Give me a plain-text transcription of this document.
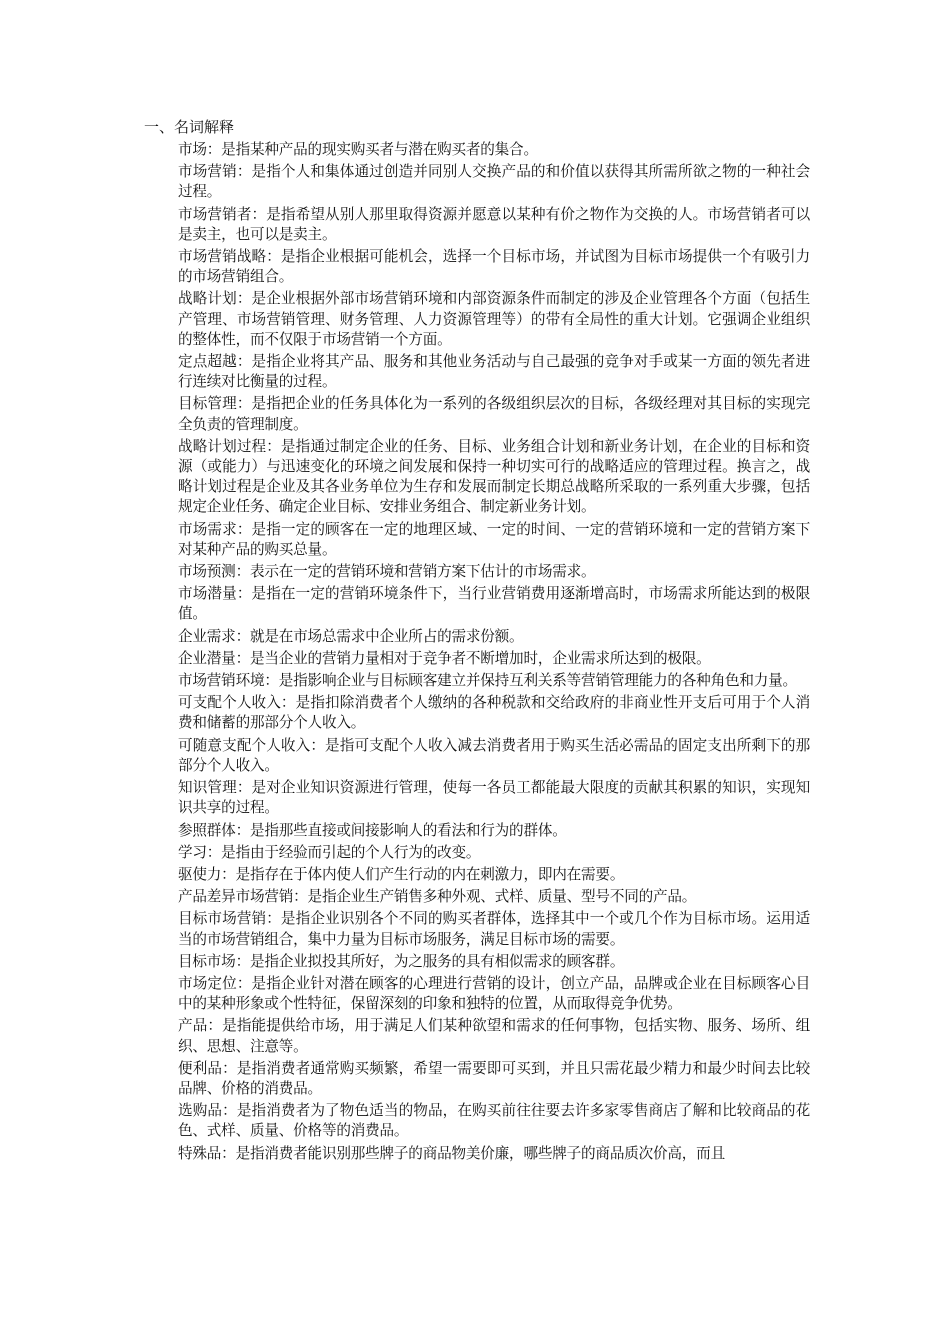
一、名词解释
市场：是指某种产品的现实购买者与潜在购买者的集合。
市场营销：是指个人和集体通过创造并同别人交换产品的和价值以获得其所需所欲之物的一种社会过程。
市场营销者：是指希望从别人那里取得资源并愿意以某种有价之物作为交换的人。市场营销者可以是卖主，也可以是卖主。
市场营销战略：是指企业根据可能机会，选择一个目标市场，并试图为目标市场提供一个有吸引力的市场营销组合。
战略计划：是企业根据外部市场营销环境和内部资源条件而制定的涉及企业管理各个方面（包括生产管理、市场营销管理、财务管理、人力资源管理等）的带有全局性的重大计划。它强调企业组织的整体性，而不仅限于市场营销一个方面。
定点超越：是指企业将其产品、服务和其他业务活动与自己最强的竞争对手或某一方面的领先者进行连续对比衡量的过程。
目标管理：是指把企业的任务具体化为一系列的各级组织层次的目标，各级经理对其目标的实现完全负责的管理制度。
战略计划过程：是指通过制定企业的任务、目标、业务组合计划和新业务计划，在企业的目标和资源（或能力）与迅速变化的环境之间发展和保持一种切实可行的战略适应的管理过程。换言之，战略计划过程是企业及其各业务单位为生存和发展而制定长期总战略所采取的一系列重大步骤，包括规定企业任务、确定企业目标、安排业务组合、制定新业务计划。
市场需求：是指一定的顾客在一定的地理区域、一定的时间、一定的营销环境和一定的营销方案下对某种产品的购买总量。
市场预测：表示在一定的营销环境和营销方案下估计的市场需求。
市场潜量：是指在一定的营销环境条件下，当行业营销费用逐渐增高时，市场需求所能达到的极限值。
企业需求：就是在市场总需求中企业所占的需求份额。
企业潜量：是当企业的营销力量相对于竞争者不断增加时，企业需求所达到的极限。
市场营销环境：是指影响企业与目标顾客建立并保持互利关系等营销管理能力的各种角色和力量。
可支配个人收入：是指扣除消费者个人缴纳的各种税款和交给政府的非商业性开支后可用于个人消费和储蓄的那部分个人收入。
可随意支配个人收入：是指可支配个人收入减去消费者用于购买生活必需品的固定支出所剩下的那部分个人收入。
知识管理：是对企业知识资源进行管理，使每一各员工都能最大限度的贡献其积累的知识，实现知识共享的过程。
参照群体：是指那些直接或间接影响人的看法和行为的群体。
学习：是指由于经验而引起的个人行为的改变。
驱使力：是指存在于体内使人们产生行动的内在刺激力，即内在需要。
产品差异市场营销：是指企业生产销售多种外观、式样、质量、型号不同的产品。
目标市场营销：是指企业识别各个不同的购买者群体，选择其中一个或几个作为目标市场。运用适当的市场营销组合，集中力量为目标市场服务，满足目标市场的需要。
目标市场：是指企业拟投其所好，为之服务的具有相似需求的顾客群。
市场定位：是指企业针对潜在顾客的心理进行营销的设计，创立产品，品牌或企业在目标顾客心目中的某种形象或个性特征，保留深刻的印象和独特的位置，从而取得竞争优势。
产品：是指能提供给市场，用于满足人们某种欲望和需求的任何事物，包括实物、服务、场所、组织、思想、注意等。
便利品：是指消费者通常购买频繁，希望一需要即可买到，并且只需花最少精力和最少时间去比较品牌、价格的消费品。
选购品：是指消费者为了物色适当的物品，在购买前往往要去许多家零售商店了解和比较商品的花色、式样、质量、价格等的消费品。
特殊品：是指消费者能识别那些牌子的商品物美价廉，哪些牌子的商品质次价高，而且
